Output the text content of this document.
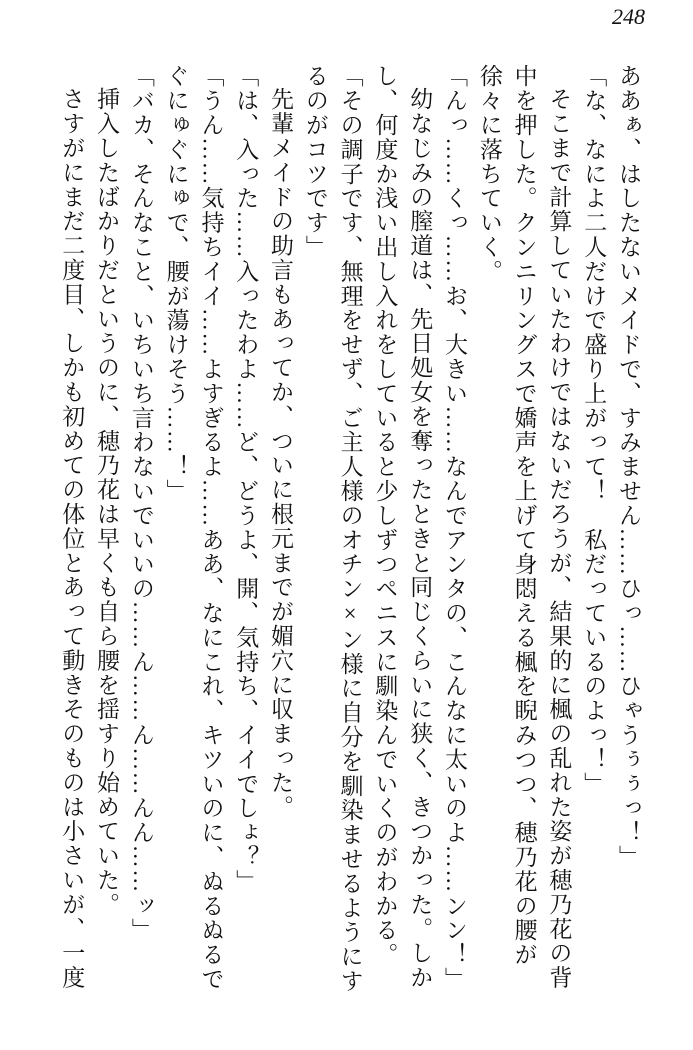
248

ああぁ、はしたないメイドで、すみません……ひっ……ひゃうぅぅっ！」

「な、なによ二人だけで盛り上がって！　私だっているのよっ！」

そこまで計算していたわけではないだろうが、結果的に楓の乱れた姿が穂乃花の背

中を押した。クンニリングスで嬌声を上げて身悶える楓を睨みつつ、穂乃花の腰が

徐々に落ちていく。

「んっ……くっ……お、大きい……なんでアンタの、こんなに太いのよ……ンン！」

幼なじみの膣道は、先日処女を奪ったときと同じくらいに狭く、きつかった。しか

し、何度か浅い出し入れをしていると少しずつペニスに馴染んでいくのがわかる。

「その調子です、無理をせず、ご主人様のオチン×ン様に自分を馴染ませるようにす

るのがコツです」

先輩メイドの助言もあってか、ついに根元までが媚穴に収まった。

「は、入った……入ったわよ……ど、どうよ、開、気持ち、イイでしょ？」

「うん……気持ちイイ……よすぎるよ……ああ、なにこれ、キツいのに、ぬるぬるで

ぐにゅぐにゅで、腰が蕩けそう……！」

「バカ、そんなこと、いちいち言わないでいいの……ん……ん……んん……ッ」

挿入したばかりだというのに、穂乃花は早くも自ら腰を揺すり始めていた。

さすがにまだ二度目、しかも初めての体位とあって動きそのものは小さいが、一度
